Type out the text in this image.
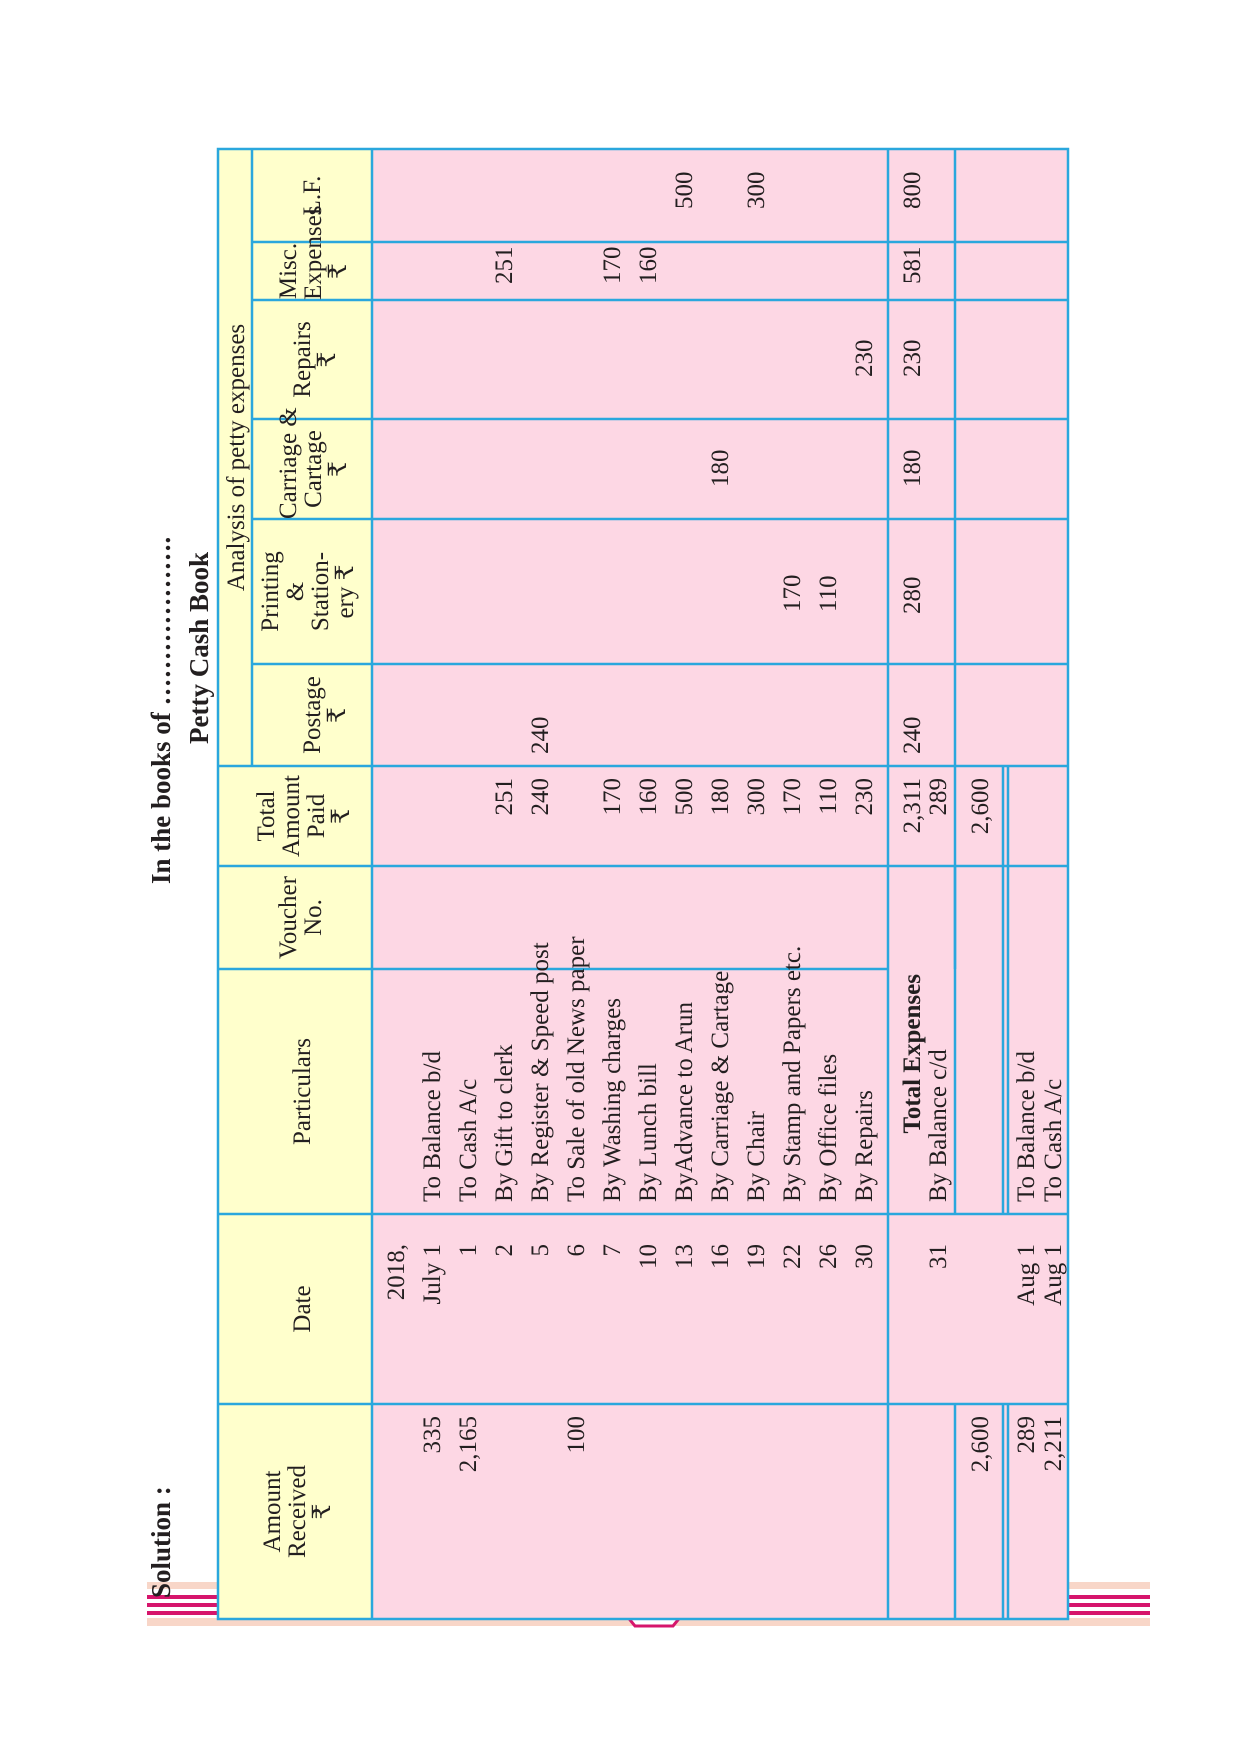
Solution :
In the books of ………………. Petty Cash Book
Amount
Received
₹
Date
Particulars
Voucher
No.
Total
Amount
Paid
₹
Analysis of petty expenses
Postage
₹
Printing
&
Station-
ery ₹
Carriage &
Cartage
₹
Repairs
₹
Misc.
Expenses
₹
L.F.
2018,
335
July 1
To Balance b/d
2,165
1
To Cash A/c
2
By Gift to clerk
251
251
5
By Register & Speed post
240
240
100
6
To Sale of old News paper
7
By Washing charges
170
170
10
By Lunch bill
160
160
13
ByAdvance to Arun
500
500
16
By Carriage & Cartage
180
180
19
By Chair
300
300
22
By Stamp and Papers etc.
170
170
26
By Office files
110
110
30
By Repairs
230
230
Total Expenses
2,311
240
280
180
230
581
800
31
By Balance c/d
289
2,600
2,600
289
Aug 1
To Balance b/d
2,211
Aug 1
To Cash A/c
